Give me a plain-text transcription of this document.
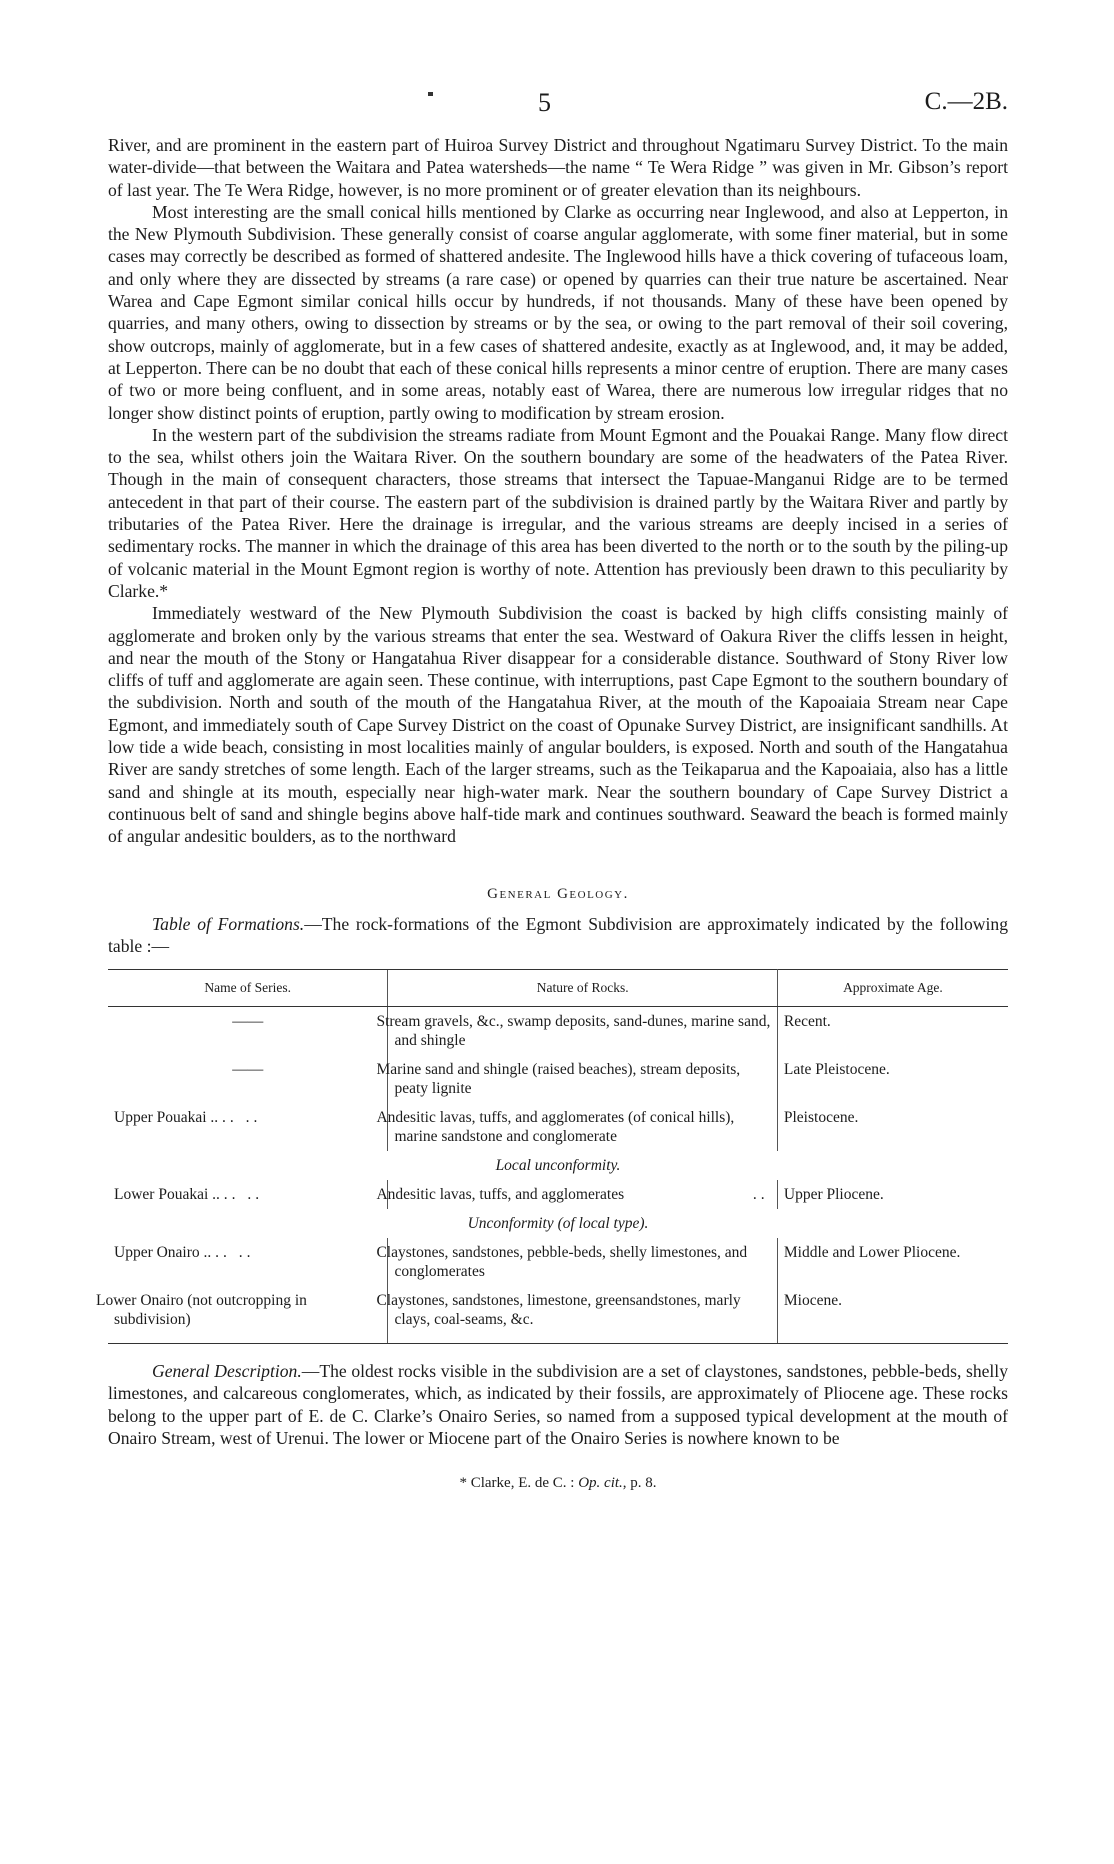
5	C.—2B.

River, and are prominent in the eastern part of Huiroa Survey District and throughout Ngatimaru Survey District. To the main water-divide—that between the Waitara and Patea watersheds—the name “ Te Wera Ridge ” was given in Mr. Gibson’s report of last year. The Te Wera Ridge, however, is no more prominent or of greater elevation than its neighbours.

Most interesting are the small conical hills mentioned by Clarke as occurring near Inglewood, and also at Lepperton, in the New Plymouth Subdivision. These generally consist of coarse angular agglomerate, with some finer material, but in some cases may correctly be described as formed of shattered andesite. The Inglewood hills have a thick covering of tufaceous loam, and only where they are dissected by streams (a rare case) or opened by quarries can their true nature be ascertained. Near Warea and Cape Egmont similar conical hills occur by hundreds, if not thousands. Many of these have been opened by quarries, and many others, owing to dissection by streams or by the sea, or owing to the part removal of their soil covering, show outcrops, mainly of agglomerate, but in a few cases of shattered andesite, exactly as at Inglewood, and, it may be added, at Lepperton. There can be no doubt that each of these conical hills represents a minor centre of eruption. There are many cases of two or more being confluent, and in some areas, notably east of Warea, there are numerous low irregular ridges that no longer show distinct points of eruption, partly owing to modification by stream erosion.

In the western part of the subdivision the streams radiate from Mount Egmont and the Pouakai Range. Many flow direct to the sea, whilst others join the Waitara River. On the southern boundary are some of the headwaters of the Patea River. Though in the main of consequent characters, those streams that intersect the Tapuae-Manganui Ridge are to be termed antecedent in that part of their course. The eastern part of the subdivision is drained partly by the Waitara River and partly by tributaries of the Patea River. Here the drainage is irregular, and the various streams are deeply incised in a series of sedimentary rocks. The manner in which the drainage of this area has been diverted to the north or to the south by the piling-up of volcanic material in the Mount Egmont region is worthy of note. Attention has previously been drawn to this peculiarity by Clarke.*

Immediately westward of the New Plymouth Subdivision the coast is backed by high cliffs consisting mainly of agglomerate and broken only by the various streams that enter the sea. Westward of Oakura River the cliffs lessen in height, and near the mouth of the Stony or Hangatahua River disappear for a considerable distance. Southward of Stony River low cliffs of tuff and agglomerate are again seen. These continue, with interruptions, past Cape Egmont to the southern boundary of the subdivision. North and south of the mouth of the Hangatahua River, at the mouth of the Kapoaiaia Stream near Cape Egmont, and immediately south of Cape Survey District on the coast of Opunake Survey District, are insignificant sandhills. At low tide a wide beach, consisting in most localities mainly of angular boulders, is exposed. North and south of the Hangatahua River are sandy stretches of some length. Each of the larger streams, such as the Teikaparua and the Kapoaiaia, also has a little sand and shingle at its mouth, especially near high-water mark. Near the southern boundary of Cape Survey District a continuous belt of sand and shingle begins above half-tide mark and continues southward. Seaward the beach is formed mainly of angular andesitic boulders, as to the northward

General Geology.

Table of Formations.—The rock-formations of the Egmont Subdivision are approximately indicated by the following table :—

Name of Series.	Nature of Rocks.	Approximate Age.
——	Stream gravels, &c., swamp deposits, sand-dunes, marine sand, and shingle	Recent.
——	Marine sand and shingle (raised beaches), stream deposits, peaty lignite	Late Pleistocene.
Upper Pouakai .. .. ..	Andesitic lavas, tuffs, and agglomerates (of conical hills), marine sandstone and conglomerate	Pleistocene.
Local unconformity.		
Lower Pouakai .. .. ..	Andesitic lavas, tuffs, and agglomerates ..	Upper Pliocene.
Unconformity (of local type).		
Upper Onairo .. .. ..	Claystones, sandstones, pebble-beds, shelly limestones, and conglomerates	Middle and Lower Pliocene.
Lower Onairo (not outcropping in subdivision)	Claystones, sandstones, limestone, greensandstones, marly clays, coal-seams, &c.	Miocene.

General Description.—The oldest rocks visible in the subdivision are a set of claystones, sandstones, pebble-beds, shelly limestones, and calcareous conglomerates, which, as indicated by their fossils, are approximately of Pliocene age. These rocks belong to the upper part of E. de C. Clarke’s Onairo Series, so named from a supposed typical development at the mouth of Onairo Stream, west of Urenui. The lower or Miocene part of the Onairo Series is nowhere known to be

* Clarke, E. de C. : Op. cit., p. 8.
